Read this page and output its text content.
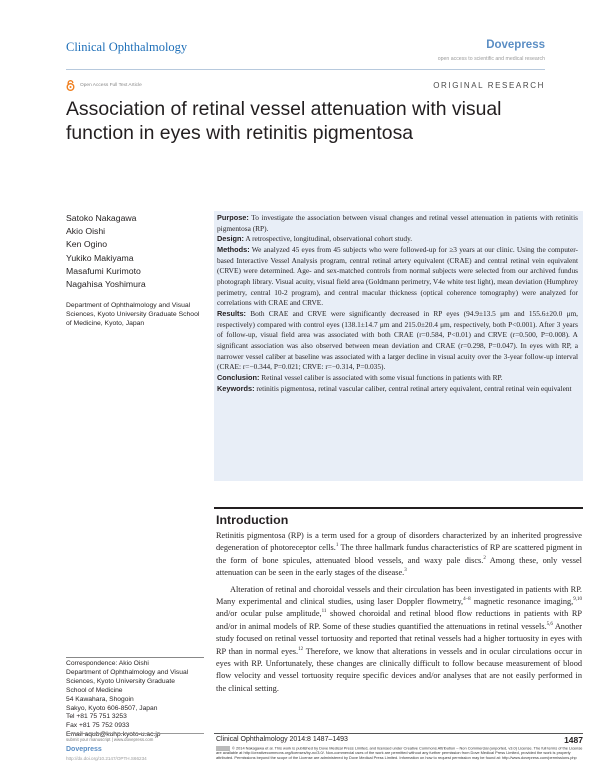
Clinical Ophthalmology	Dovepress
open access to scientific and medical research
Open Access Full Text Article	ORIGINAL RESEARCH
Association of retinal vessel attenuation with visual function in eyes with retinitis pigmentosa
Satoko Nakagawa
Akio Oishi
Ken Ogino
Yukiko Makiyama
Masafumi Kurimoto
Nagahisa Yoshimura
Department of Ophthalmology and Visual Sciences, Kyoto University Graduate School of Medicine, Kyoto, Japan

Purpose: To investigate the association between visual changes and retinal vessel attenuation in patients with retinitis pigmentosa (RP).

Design: A retrospective, longitudinal, observational cohort study.

Methods: We analyzed 45 eyes from 45 subjects who were followed-up for ≥3 years at our clinic. Using the computer-based Interactive Vessel Analysis program, central retinal artery equivalent (CRAE) and central retinal vein equivalent (CRVE) were determined. Age- and sex-matched controls from normal subjects were selected from our archived fundus photograph library. Visual acuity, visual field area (Goldmann perimetry, V4e white test light), mean deviation (Humphrey perimetry, central 10-2 program), and central macular thickness (optical coherence tomography) were analyzed for correlations with CRAE and CRVE.

Results: Both CRAE and CRVE were significantly decreased in RP eyes (94.9±13.5 μm and 155.6±20.0 μm, respectively) compared with control eyes (138.1±14.7 μm and 215.0±20.4 μm, respectively, both P<0.001). After 3 years of follow-up, visual field area was associated with both CRAE (r=0.584, P<0.01) and CRVE (r=0.500, P=0.008). A significant association was also observed between mean deviation and CRAE (r=0.298, P=0.047). In eyes with RP, a narrower vessel caliber at baseline was associated with a larger decline in visual acuity over the 3-year follow-up interval (CRAE: r=−0.344, P=0.021; CRVE: r=−0.314, P=0.035).

Conclusion: Retinal vessel caliber is associated with some visual functions in patients with RP.

Keywords: retinitis pigmentosa, retinal vascular caliber, central retinal artery equivalent, central retinal vein equivalent

Introduction

Retinitis pigmentosa (RP) is a term used for a group of disorders characterized by an inherited progressive degeneration of photoreceptor cells.$^1$ The three hallmark fundus characteristics of RP are scattered pigment in the form of bone spicules, attenuated blood vessels, and waxy pale discs.$^2$ Among these, only vessel attenuation can be seen in the early stages of the disease.$^3$

Alteration of retinal and choroidal vessels and their circulation has been investigated in patients with RP. Many experimental and clinical studies, using laser Doppler flowmetry,$^{4-8}$ magnetic resonance imaging,$^{9,10}$ and/or ocular pulse amplitude,$^{11}$ showed choroidal and retinal blood flow reductions in patients with RP and/or in animal models of RP. Some of these studies quantified the attenuations in retinal vessels.$^{5,6}$ Another study focused on retinal vessel tortuosity and reported that retinal vessels had a higher tortuosity in eyes with RP than in normal eyes.$^{12}$ Therefore, we know that alterations in vessels and in ocular circulations occur in eyes with RP. Unfortunately, these changes are clinically difficult to follow because measurement of blood flow velocity and vessel tortuosity require specific devices and/or analyses that are not easily performed in the clinical setting.

Correspondence: Akio Oishi
Department of Ophthalmology and Visual
Sciences, Kyoto University Graduate
School of Medicine
54 Kawahara, Shogoin
Sakyo, Kyoto 606-8507, Japan
Tel +81 75 751 3253
Fax +81 75 752 0933
Email aqub@kuhp.kyoto-u.ac.jp
submit your manuscript | www.dovepress.com
Dovepress
http://dx.doi.org/10.2147/OPTH.S66234
Clinical Ophthalmology 2014:8 1487–1493	1487
© 2014 Nakagawa et al. This work is published by Dove Medical Press Limited, and licensed under Creative Commons Attribution – Non Commercial (unported, v3.0) License. The full terms of the License are available at http://creativecommons.org/licenses/by-nc/3.0/. Non-commercial uses of the work are permitted without any further permission from Dove Medical Press Limited, provided the work is properly attributed. Permissions beyond the scope of the License are administered by Dove Medical Press Limited. Information on how to request permission may be found at: http://www.dovepress.com/permissions.php
